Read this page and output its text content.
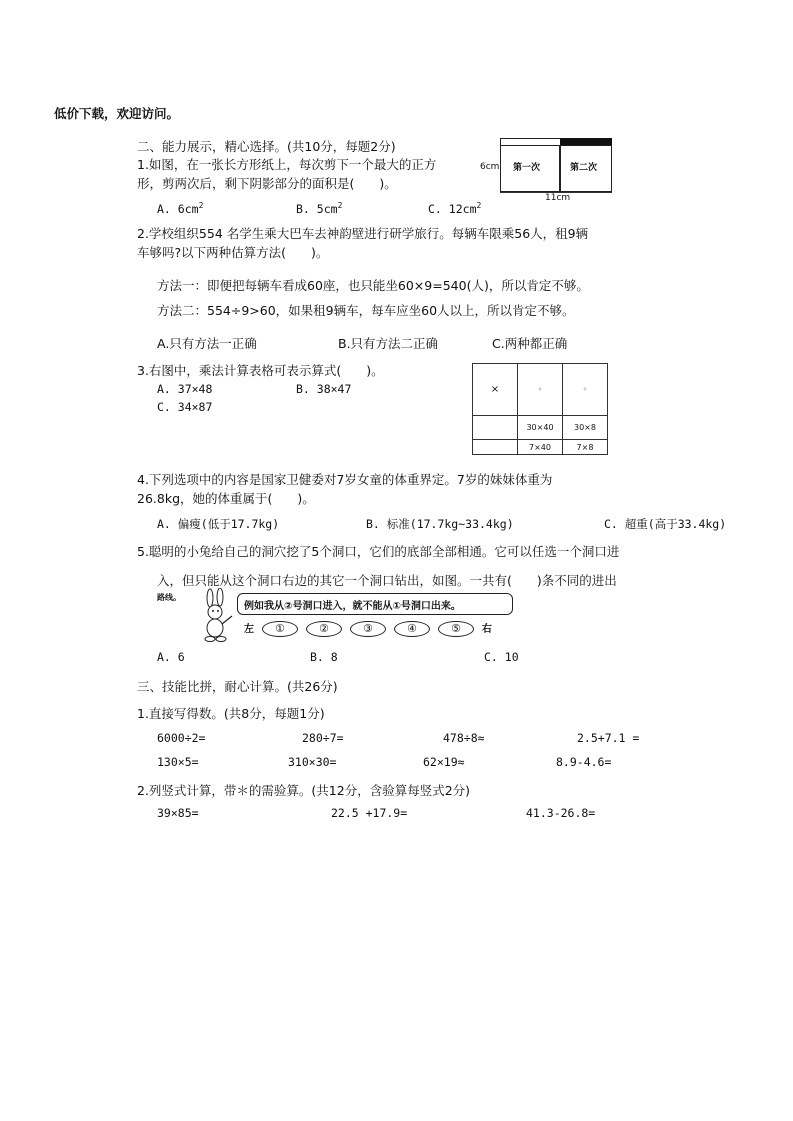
低价下载，欢迎访问。
二、能力展示，精心选择。(共10分，每题2分)
1.如图，在一张长方形纸上，每次剪下一个最大的正方
形，剪两次后，剩下阴影部分的面积是(　　)。
6cm 第一次	第二次
11cm
A. $6cm^2$	B. $5cm^2$	C. $12cm^2$
2.学校组织554 名学生乘大巴车去神韵壁进行研学旅行。每辆车限乘56人，租9辆
车够吗?以下两种估算方法(　　)。
方法一：即便把每辆车看成60座，也只能坐60×9=540(人)，所以肯定不够。
方法二：554÷9>60，如果租9辆车，每车应坐60人以上，所以肯定不够。
A.只有方法一正确	B.只有方法二正确	C.两种都正确
3.右图中，乘法计算表格可表示算式(　　)。
A. 37×48	B. 38×47
C. 34×87
×	◦	◦
	30×40	30×8
	7×40	7×8
4.下列选项中的内容是国家卫健委对7岁女童的体重界定。7岁的妹妹体重为
26.8kg，她的体重属于(　　)。
A. 偏瘦(低于17.7kg)	B. 标准(17.7kg~33.4kg)	C. 超重(高于33.4kg)
5.聪明的小兔给自己的洞穴挖了5个洞口，它们的底部全部相通。它可以任选一个洞口进
入，但只能从这个洞口右边的其它一个洞口钻出，如图。一共有(　　)条不同的进出
路线。
例如我从②号洞口进入，就不能从①号洞口出来。
左 ①	②	③	④	⑤ 右
A. 6	B. 8	C. 10
三、技能比拼，耐心计算。(共26分)
1.直接写得数。(共8分，每题1分)
6000÷2=	280÷7=	478÷8≈	2.5+7.1 =
130×5=	310×30=	62×19≈	8.9-4.6=
2.列竖式计算，带＊的需验算。(共12分，含验算每竖式2分)
39×85=	22.5 +17.9=	41.3-26.8=
